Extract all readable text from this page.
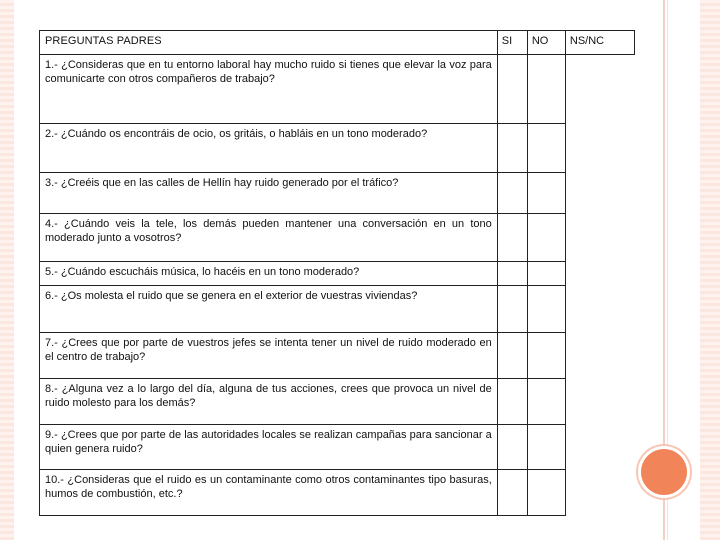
PREGUNTAS PADRES	SI	NO	NS/NC
1.- ¿Consideras que en tu entorno laboral hay mucho ruido si tienes que elevar la voz para comunicarte con otros compañeros de trabajo?			
2.- ¿Cuándo os encontráis de ocio, os gritáis, o habláis en un tono moderado?			
3.- ¿Creéis que en las calles de Hellín hay ruido generado por el tráfico?			
4.- ¿Cuándo veis la tele, los demás pueden mantener una conversación en un tono moderado junto a vosotros?			
5.- ¿Cuándo escucháis música, lo hacéis en un tono moderado?			
6.- ¿Os molesta el ruido que se genera en el exterior de vuestras viviendas?			
7.- ¿Crees que por parte de vuestros jefes se intenta tener un nivel de ruido moderado en el centro de trabajo?			
8.- ¿Alguna vez a lo largo del día, alguna de tus acciones, crees que provoca un nivel de ruido molesto para los demás?			
9.- ¿Crees que por parte de las autoridades locales se realizan campañas para sancionar a quien genera ruido?			
10.- ¿Consideras que el ruido es un contaminante como otros contaminantes tipo basuras, humos de combustión, etc.?			
